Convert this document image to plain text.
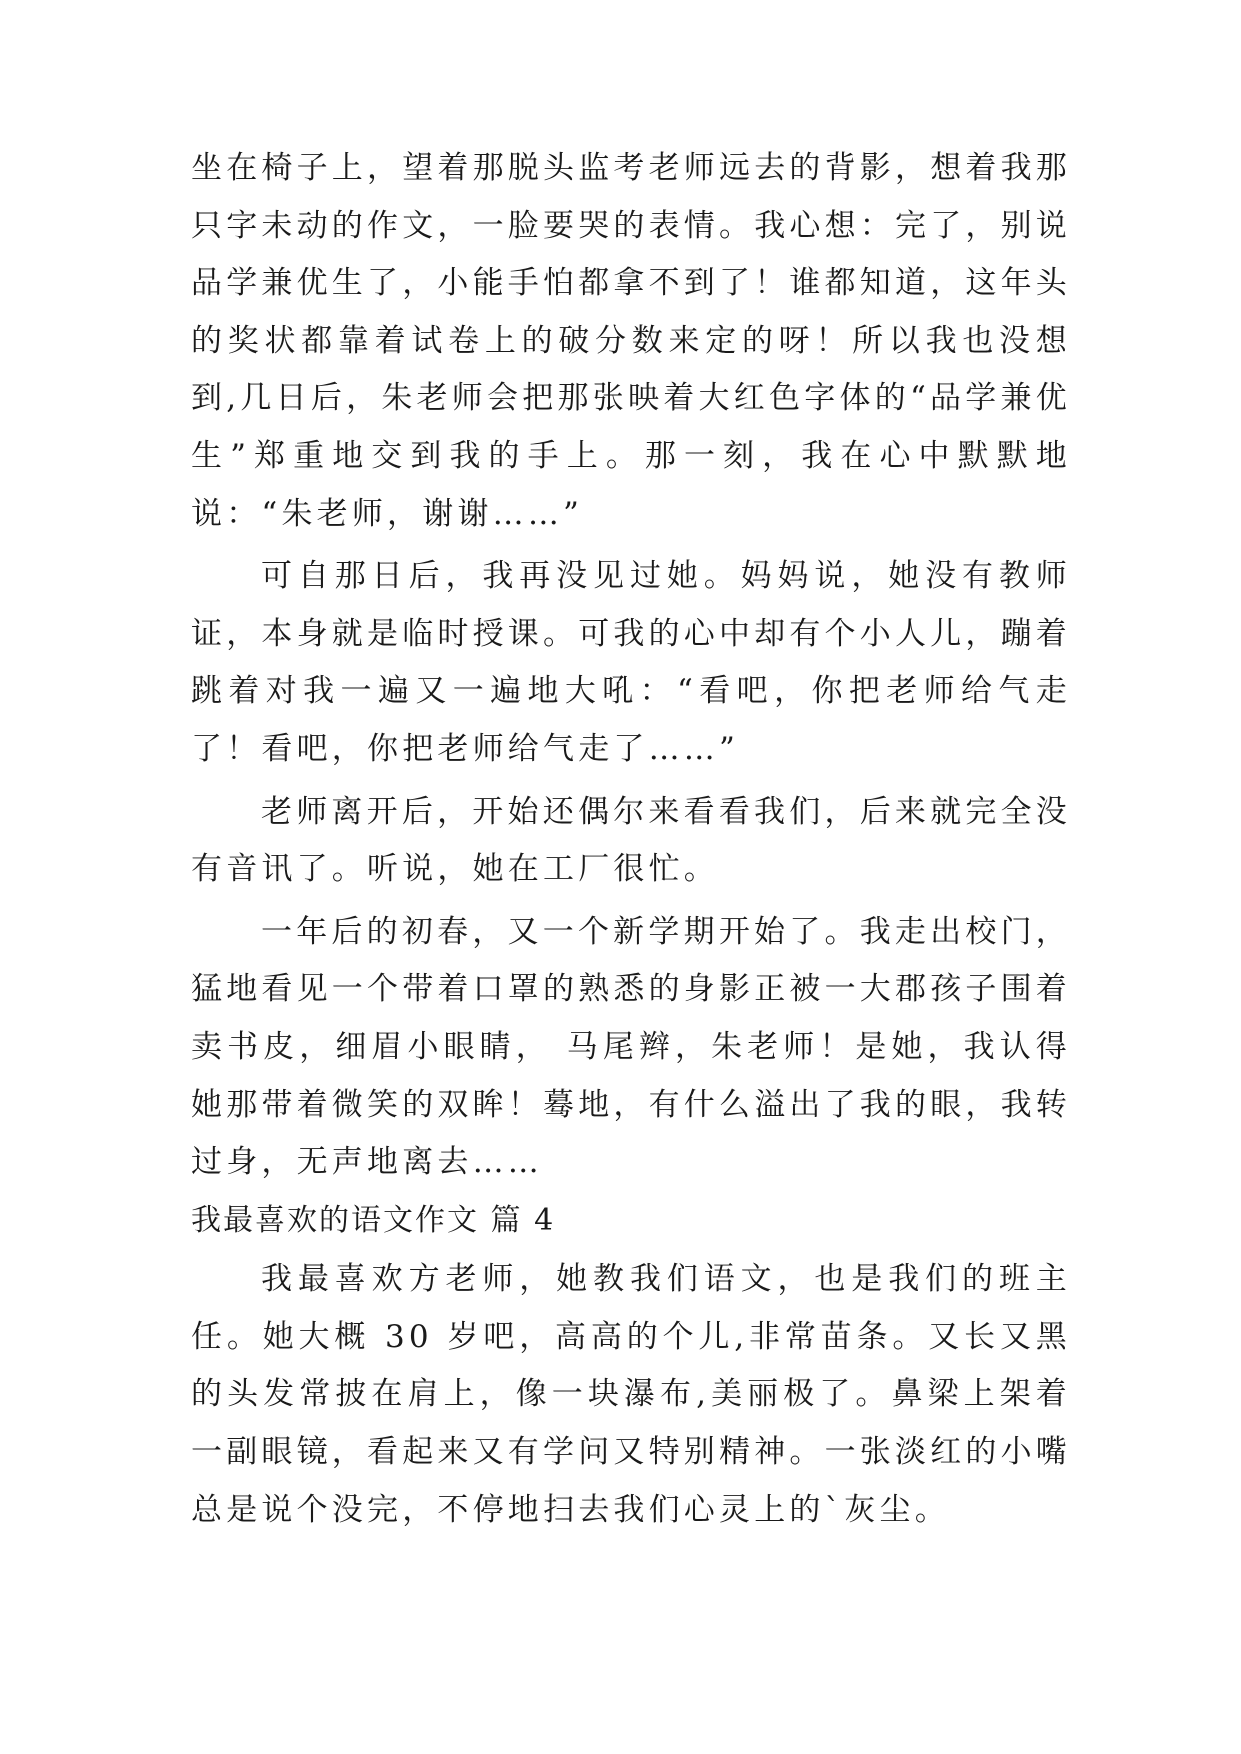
坐在椅子上，望着那脱头监考老师远去的背影，想着我那只字未动的作文，一脸要哭的表情。我心想：完了，别说品学兼优生了，小能手怕都拿不到了！谁都知道，这年头的奖状都靠着试卷上的破分数来定的呀！所以我也没想到,几日后，朱老师会把那张映着大红色字体的“品学兼优生”郑重地交到我的手上。那一刻，我在心中默默地说：“朱老师，谢谢……”

可自那日后，我再没见过她。妈妈说，她没有教师证，本身就是临时授课。可我的心中却有个小人儿，蹦着跳着对我一遍又一遍地大吼：“看吧，你把老师给气走了！看吧，你把老师给气走了……”

老师离开后，开始还偶尔来看看我们，后来就完全没有音讯了。听说，她在工厂很忙。

一年后的初春，又一个新学期开始了。我走出校门，猛地看见一个带着口罩的熟悉的身影正被一大郡孩子围着卖书皮，细眉小眼睛， 马尾辫，朱老师！是她，我认得她那带着微笑的双眸！蓦地，有什么溢出了我的眼，我转过身，无声地离去……

我最喜欢的语文作文 篇 4

我最喜欢方老师，她教我们语文，也是我们的班主任。她大概 30 岁吧，高高的个儿,非常苗条。又长又黑的头发常披在肩上，像一块瀑布,美丽极了。鼻梁上架着一副眼镜，看起来又有学问又特别精神。一张淡红的小嘴总是说个没完，不停地扫去我们心灵上的`灰尘。
